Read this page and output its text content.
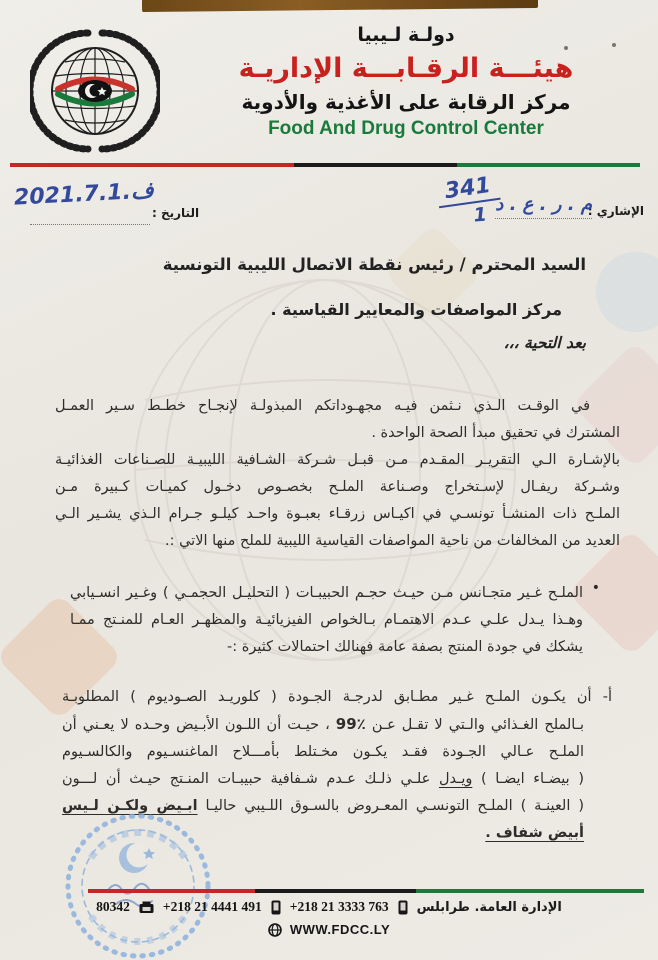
دولـة لـيبيا
هيئـــة الرقـابـــة الإداريـة
مركز الرقابة على الأغذية والأدوية
Food And Drug Control Center
الإشاري :
م . ر . ع . د
$\frac{341}{1}$
التاريخ :
ف.2021.7.1
السيد المحترم / رئيس نقطة الاتصال الليبية التونسية
مركز المواصفات والمعايير القياسية .
بعد التحية ،،،
في الوقـت الـذي نـثمن فيـه مجهـوداتكم المبذولـة لإنجـاح خطـط سـير العمـل
المشترك في تحقيق مبدأ الصحة الواحدة .
بالإشـارة الـي التقريـر المقـدم مـن قبـل شـركة الشـافية الليبيـة للصـناعات الغذائيـة
وشـركة ريفـال لإسـتخراج وصـناعة الملـح بخصـوص دخـول كميـات كـبيرة مـن
الملـح ذات المنشـأ تونسـي في اكيـاس زرقـاء بعبـوة واحـد كيلـو جـرام الـذي يشـير الـي
العديد من المخالفات من ناحية المواصفات القياسية الليبية للملح منها الاتي :.
•
الملـح غـير متجـانس مـن حيـث حجـم الحبيبـات ( التحليـل الحجمـي ) وغـير انسـيابي
وهـذا يـدل علـي عـدم الاهتمـام بـالخواص الفيزيائيـة والمظهـر العـام للمنـتج ممـا
يشكك في جودة المنتج بصفة عامة فهنالك احتمالات كثيرة :-
أ- أن يكـون الملـح غـير مطـابق لدرجـة الجـودة ( كلوريـد الصـوديوم ) المطلوبـة
بـالملح الغـذائي والـتي لا تقـل عـن 99٪ ، حيـت أن اللـون الأبـيض وحـده لا يعـني أن
الملـح عـالي الجـودة فقـد يكـون مخـتلط بأمـــلاح الماغنسـيوم والكالسـيوم
( بيضـاء ايضـا ) ويـدل علـي ذلـك عـدم شـفافية حبيبـات المنـتج حيـث أن لـــون
( العينـة ) الملـح التونسـي المعـروض بالسـوق اللـيبي حاليـا ابـيض ولكـن لـيس
أبيض شفاف .
الإدارة العامة. طرابلس
+218 21 3333 763
+218 21 4441 491
80342
WWW.FDCC.LY
